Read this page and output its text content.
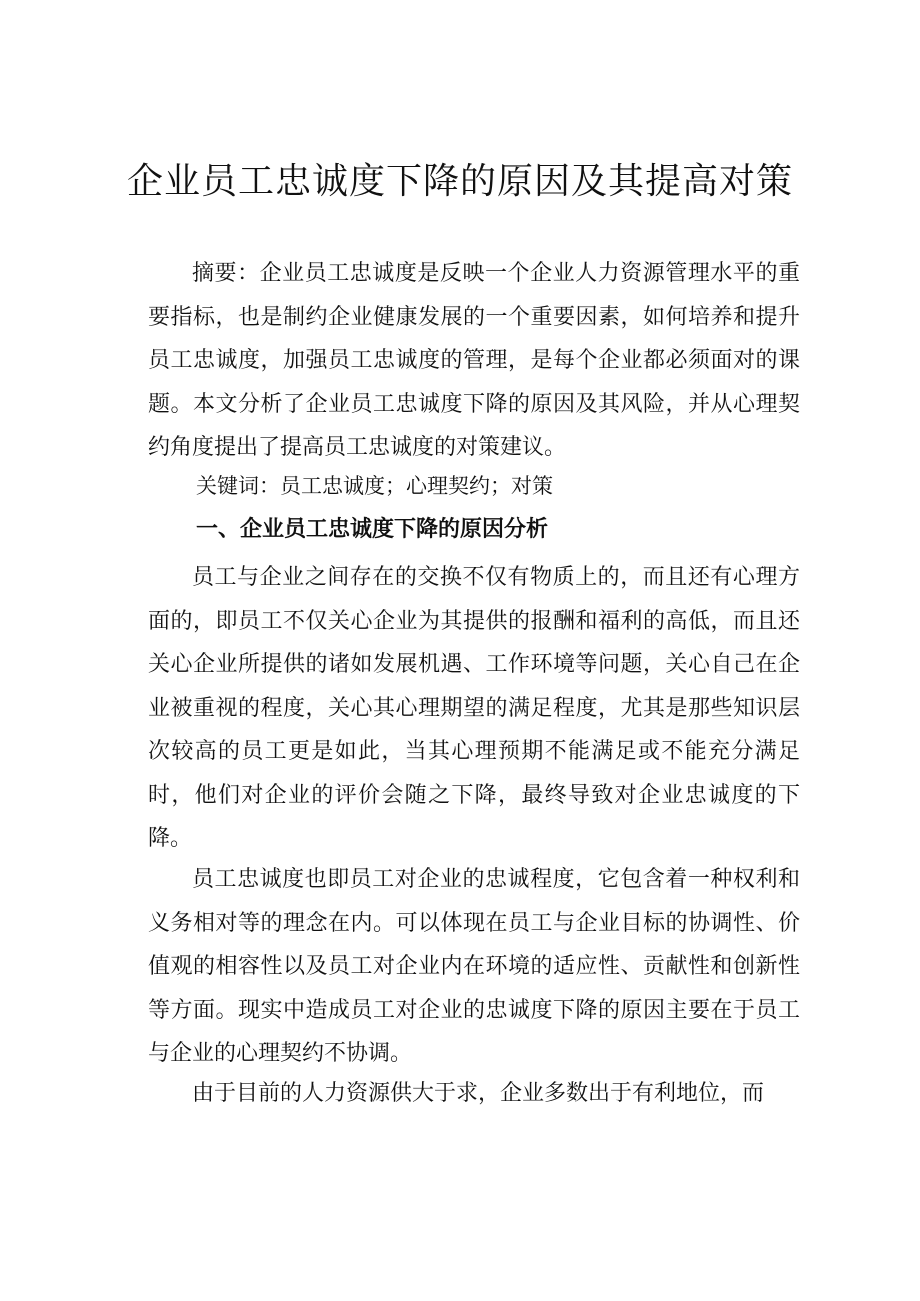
企业员工忠诚度下降的原因及其提高对策

摘要：企业员工忠诚度是反映一个企业人力资源管理水平的重要指标，也是制约企业健康发展的一个重要因素，如何培养和提升员工忠诚度，加强员工忠诚度的管理，是每个企业都必须面对的课题。本文分析了企业员工忠诚度下降的原因及其风险，并从心理契约角度提出了提高员工忠诚度的对策建议。

关键词：员工忠诚度；心理契约；对策

一、企业员工忠诚度下降的原因分析

员工与企业之间存在的交换不仅有物质上的，而且还有心理方面的，即员工不仅关心企业为其提供的报酬和福利的高低，而且还关心企业所提供的诸如发展机遇、工作环境等问题，关心自己在企业被重视的程度，关心其心理期望的满足程度，尤其是那些知识层次较高的员工更是如此，当其心理预期不能满足或不能充分满足时，他们对企业的评价会随之下降，最终导致对企业忠诚度的下降。

员工忠诚度也即员工对企业的忠诚程度，它包含着一种权利和义务相对等的理念在内。可以体现在员工与企业目标的协调性、价值观的相容性以及员工对企业内在环境的适应性、贡献性和创新性等方面。现实中造成员工对企业的忠诚度下降的原因主要在于员工与企业的心理契约不协调。

由于目前的人力资源供大于求，企业多数出于有利地位，而
